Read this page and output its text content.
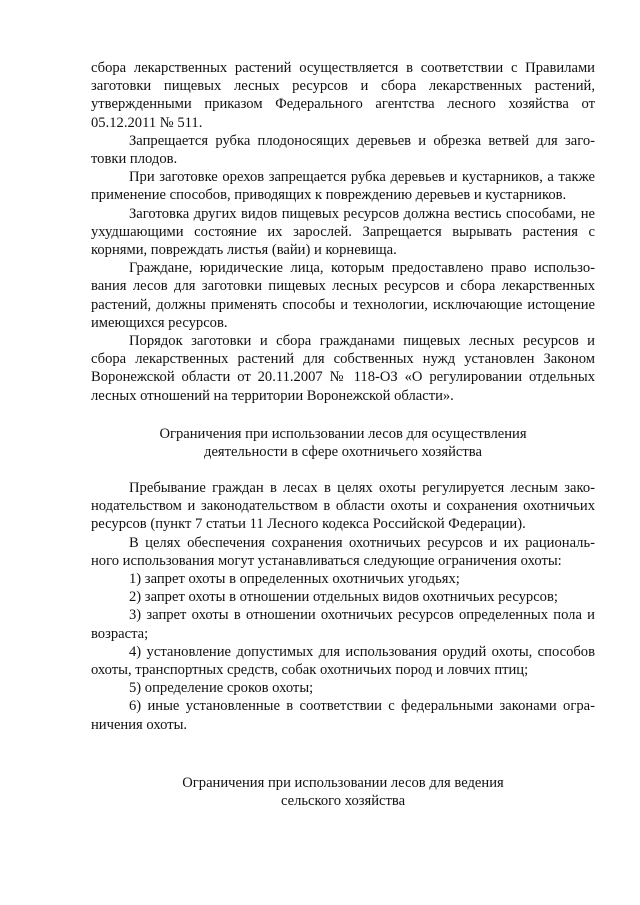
сбора лекарственных растений осуществляется в соответствии с Правилами заготовки пищевых лесных ресурсов и сбора лекарственных растений, утвержденными приказом Федерального агентства лесного хозяйства от 05.12.2011 № 511.

Запрещается рубка плодоносящих деревьев и обрезка ветвей для заготовки плодов.

При заготовке орехов запрещается рубка деревьев и кустарников, а также применение способов, приводящих к повреждению деревьев и кустарников.

Заготовка других видов пищевых ресурсов должна вестись способами, не ухудшающими состояние их зарослей. Запрещается вырывать растения с корнями, повреждать листья (вайи) и корневища.

Граждане, юридические лица, которым предоставлено право использования лесов для заготовки пищевых лесных ресурсов и сбора лекарственных растений, должны применять способы и технологии, исключающие истощение имеющихся ресурсов.

Порядок заготовки и сбора гражданами пищевых лесных ресурсов и сбора лекарственных растений для собственных нужд установлен Законом Воронежской области от 20.11.2007 № 118-ОЗ «О регулировании отдельных лесных отношений на территории Воронежской области».

Ограничения при использовании лесов для осуществления
деятельности в сфере охотничьего хозяйства

Пребывание граждан в лесах в целях охоты регулируется лесным законодательством и законодательством в области охоты и сохранения охотничьих ресурсов (пункт 7 статьи 11 Лесного кодекса Российской Федерации).

В целях обеспечения сохранения охотничьих ресурсов и их рационального использования могут устанавливаться следующие ограничения охоты:

1) запрет охоты в определенных охотничьих угодьях;

2) запрет охоты в отношении отдельных видов охотничьих ресурсов;

3) запрет охоты в отношении охотничьих ресурсов определенных пола и возраста;

4) установление допустимых для использования орудий охоты, способов охоты, транспортных средств, собак охотничьих пород и ловчих птиц;

5) определение сроков охоты;

6) иные установленные в соответствии с федеральными законами ограничения охоты.

Ограничения при использовании лесов для ведения
сельского хозяйства
